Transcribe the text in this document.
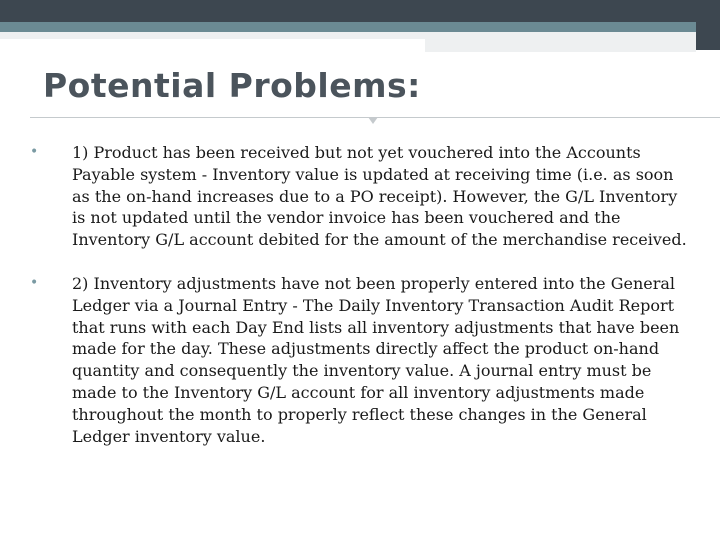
Potential Problems:

•	1) Product has been received but not yet vouchered into the Accounts Payable system - Inventory value is updated at receiving time (i.e. as soon as the on-hand increases due to a PO receipt). However, the G/L Inventory is not updated until the vendor invoice has been vouchered and the Inventory G/L account debited for the amount of the merchandise received.

•	2) Inventory adjustments have not been properly entered into the General Ledger via a Journal Entry - The Daily Inventory Transaction Audit Report that runs with each Day End lists all inventory adjustments that have been made for the day. These adjustments directly affect the product on-hand quantity and consequently the inventory value. A journal entry must be made to the Inventory G/L account for all inventory adjustments made throughout the month to properly reflect these changes in the General Ledger inventory value.
